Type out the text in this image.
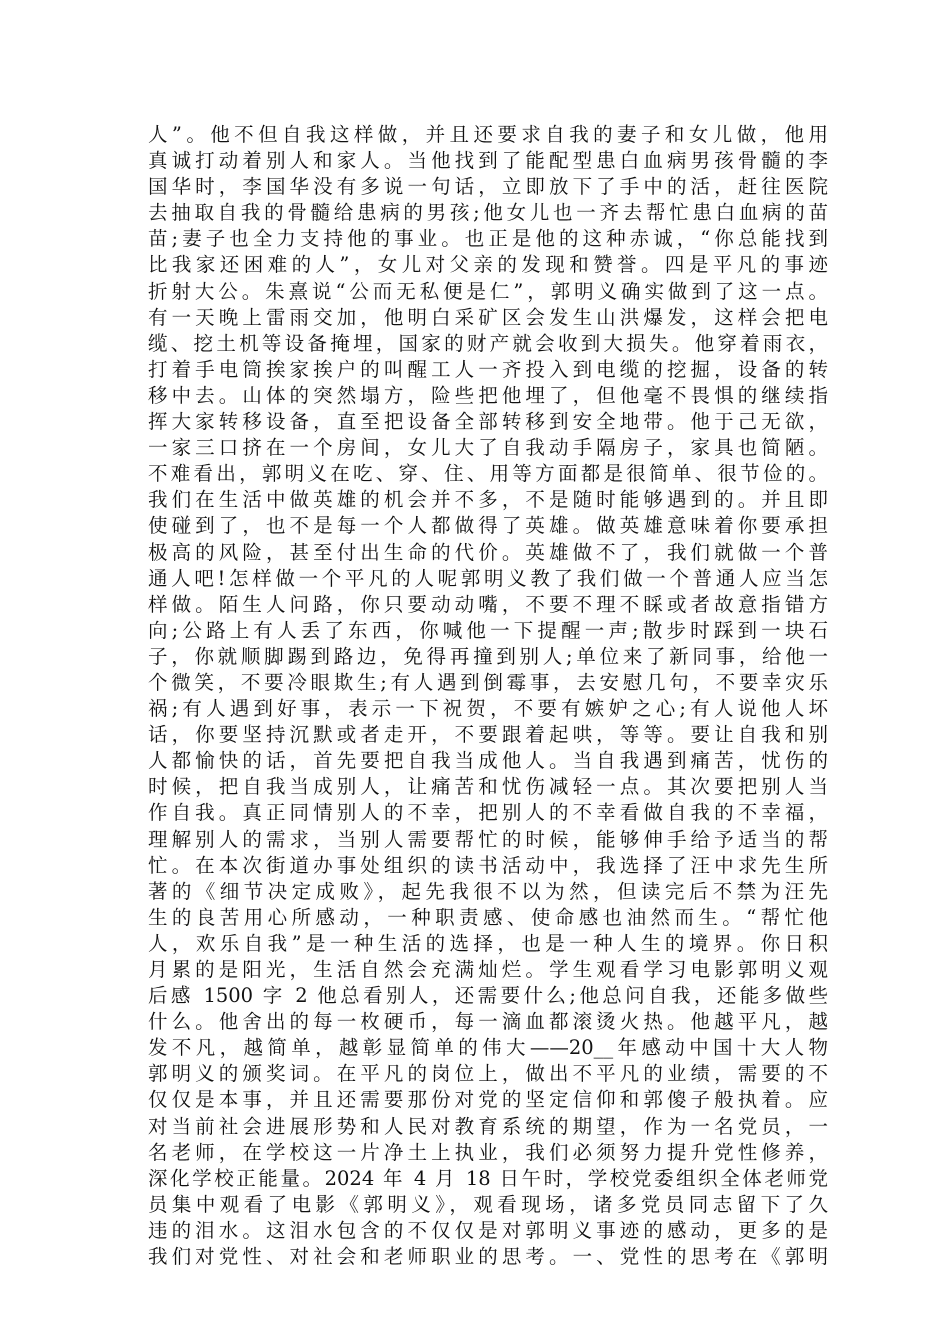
人”。他不但自我这样做，并且还要求自我的妻子和女儿做，他用
真诚打动着别人和家人。当他找到了能配型患白血病男孩骨髓的李
国华时，李国华没有多说一句话，立即放下了手中的活，赶往医院
去抽取自我的骨髓给患病的男孩;他女儿也一齐去帮忙患白血病的苗
苗;妻子也全力支持他的事业。也正是他的这种赤诚，“你总能找到
比我家还困难的人”，女儿对父亲的发现和赞誉。四是平凡的事迹
折射大公。朱熹说“公而无私便是仁”，郭明义确实做到了这一点。
有一天晚上雷雨交加，他明白采矿区会发生山洪爆发，这样会把电
缆、挖土机等设备掩埋，国家的财产就会收到大损失。他穿着雨衣，
打着手电筒挨家挨户的叫醒工人一齐投入到电缆的挖掘，设备的转
移中去。山体的突然塌方，险些把他埋了，但他毫不畏惧的继续指
挥大家转移设备，直至把设备全部转移到安全地带。他于己无欲，
一家三口挤在一个房间，女儿大了自我动手隔房子，家具也简陋。
不难看出，郭明义在吃、穿、住、用等方面都是很简单、很节俭的。
我们在生活中做英雄的机会并不多，不是随时能够遇到的。并且即
使碰到了，也不是每一个人都做得了英雄。做英雄意味着你要承担
极高的风险，甚至付出生命的代价。英雄做不了，我们就做一个普
通人吧!怎样做一个平凡的人呢郭明义教了我们做一个普通人应当怎
样做。陌生人问路，你只要动动嘴，不要不理不睬或者故意指错方
向;公路上有人丢了东西，你喊他一下提醒一声;散步时踩到一块石
子，你就顺脚踢到路边，免得再撞到别人;单位来了新同事，给他一
个微笑，不要冷眼欺生;有人遇到倒霉事，去安慰几句，不要幸灾乐
祸;有人遇到好事，表示一下祝贺，不要有嫉妒之心;有人说他人坏
话，你要坚持沉默或者走开，不要跟着起哄，等等。要让自我和别
人都愉快的话，首先要把自我当成他人。当自我遇到痛苦，忧伤的
时候，把自我当成别人，让痛苦和忧伤减轻一点。其次要把别人当
作自我。真正同情别人的不幸，把别人的不幸看做自我的不幸福，
理解别人的需求，当别人需要帮忙的时候，能够伸手给予适当的帮
忙。在本次街道办事处组织的读书活动中，我选择了汪中求先生所
著的《细节决定成败》，起先我很不以为然，但读完后不禁为汪先
生的良苦用心所感动，一种职责感、使命感也油然而生。“帮忙他
人，欢乐自我”是一种生活的选择，也是一种人生的境界。你日积
月累的是阳光，生活自然会充满灿烂。学生观看学习电影郭明义观
后感 1500 字 2 他总看别人，还需要什么;他总问自我，还能多做些
什么。他舍出的每一枚硬币，每一滴血都滚烫火热。他越平凡，越
发不凡，越简单，越彰显简单的伟大——20__年感动中国十大人物
郭明义的颁奖词。在平凡的岗位上，做出不平凡的业绩，需要的不
仅仅是本事，并且还需要那份对党的坚定信仰和郭傻子般执着。应
对当前社会进展形势和人民对教育系统的期望，作为一名党员，一
名老师，在学校这一片净土上执业，我们必须努力提升党性修养，
深化学校正能量。2024 年 4 月 18 日午时，学校党委组织全体老师党
员集中观看了电影《郭明义》，观看现场，诸多党员同志留下了久
违的泪水。这泪水包含的不仅仅是对郭明义事迹的感动，更多的是
我们对党性、对社会和老师职业的思考。一、党性的思考在《郭明
